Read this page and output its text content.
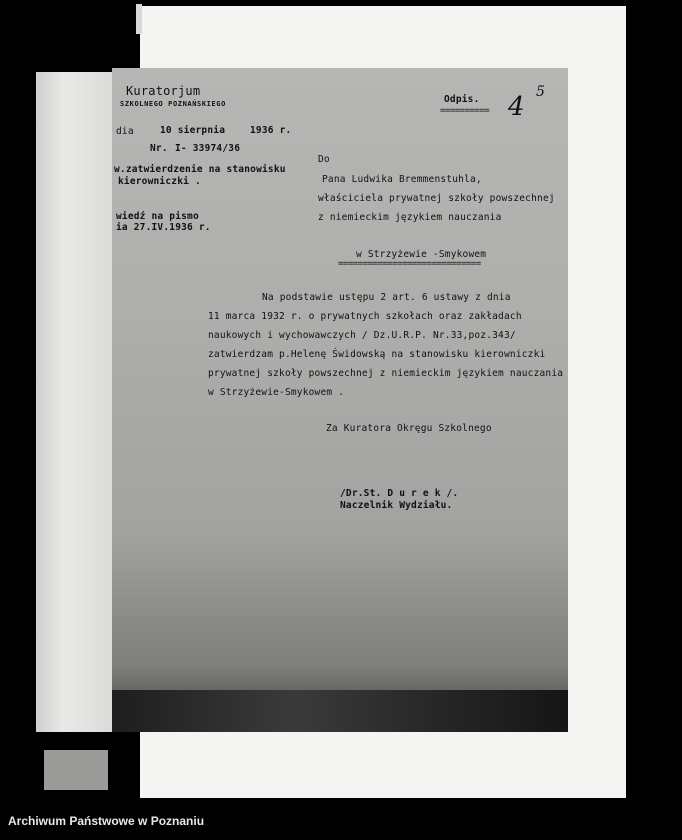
Kuratorjum
SZKOLNEGO POZNAŃSKIEGO
dia	10 sierpnia	1936 r.
Nr. I- 33974/36
w.zatwierdzenie na stanowisku
kierowniczki .
wiedź na pismo
ia 27.IV.1936 r.
Odpis.
========== 4 5
Do
Pana Ludwika Bremmenstuhla,
właściciela prywatnej szkoły powszechnej
z niemieckim językiem nauczania
w Strzyżewie -Smykowem
=============================
Na podstawie ustępu 2 art. 6 ustawy z dnia
11 marca 1932 r. o prywatnych szkołach oraz zakładach
naukowych i wychowawczych / Dz.U.R.P. Nr.33,poz.343/
zatwierdzam p.Helenę Świdowską na stanowisku kierowniczki
prywatnej szkoły powszechnej z niemieckim językiem nauczania
w Strzyżewie-Smykowem .
Za Kuratora Okręgu Szkolnego
/Dr.St. D u r e k /.
Naczelnik Wydziału.
Archiwum Państwowe w Poznaniu
